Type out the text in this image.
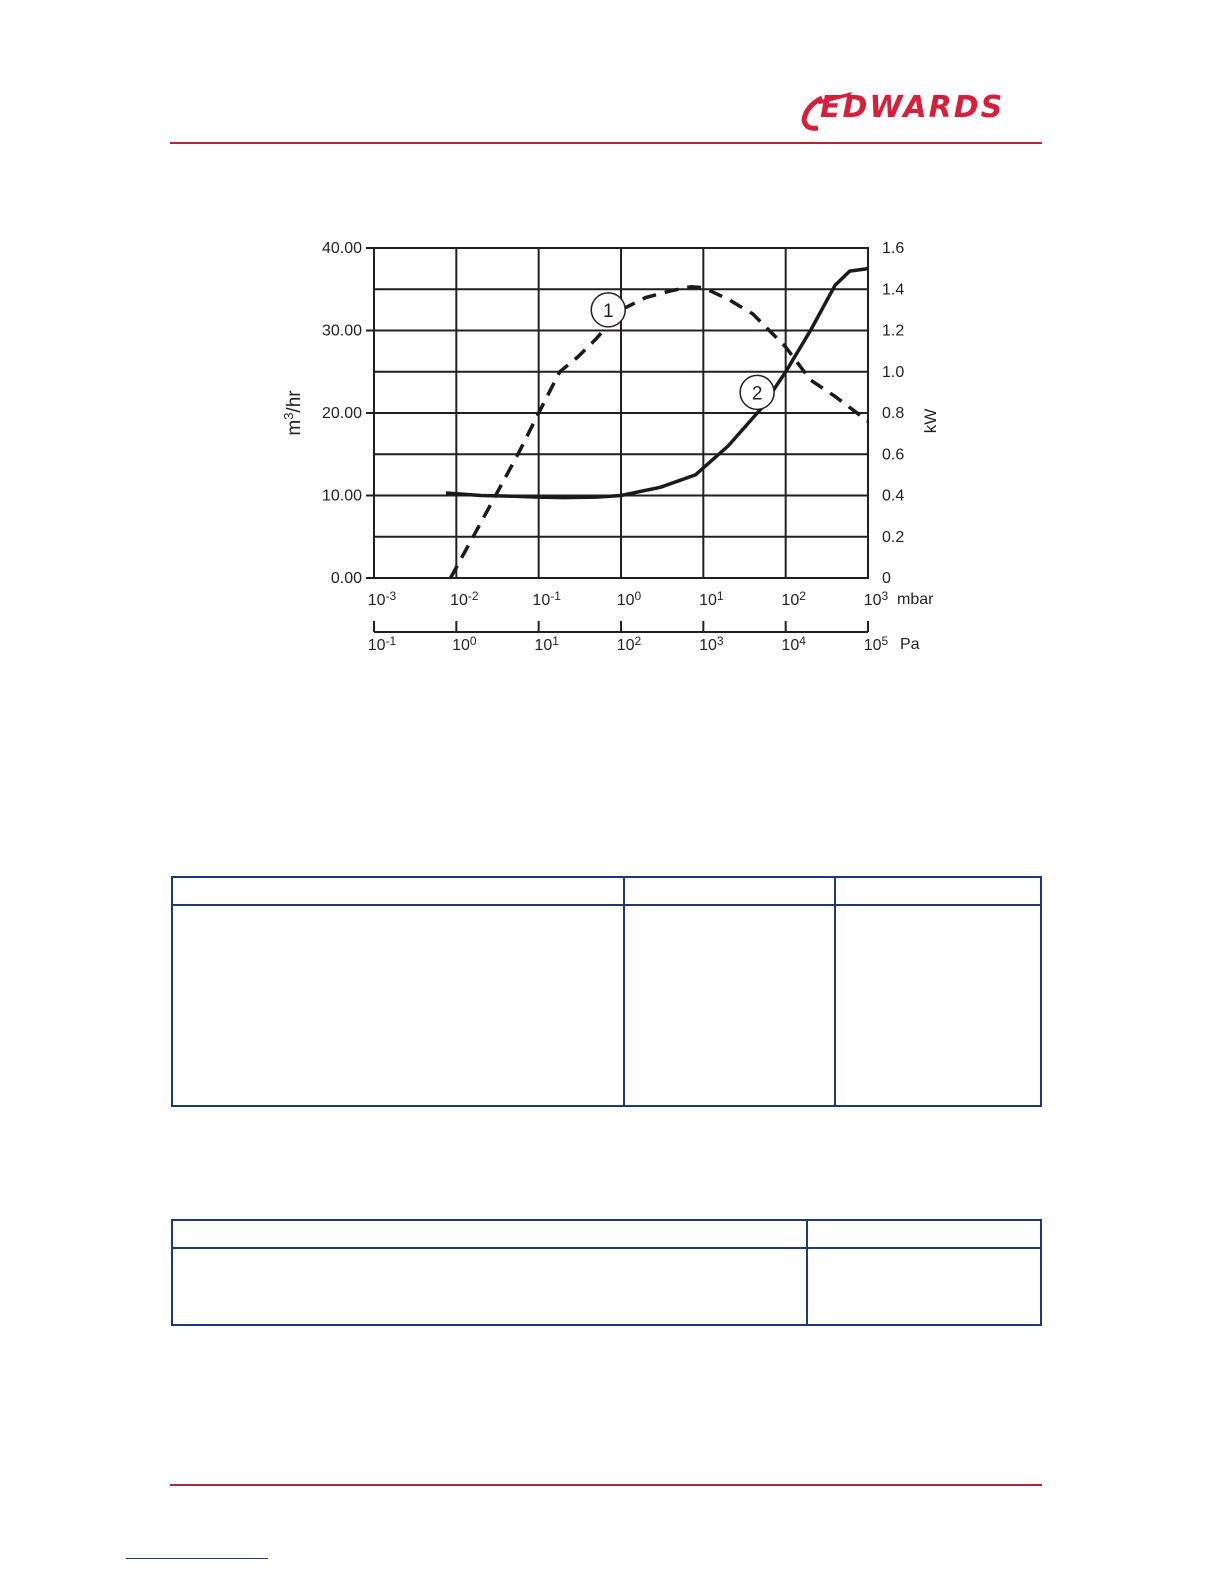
EDWARDS
0.00
10.00
20.00
30.00
40.00
0
0.2
0.4
0.6
0.8
1.0
1.2
1.4
1.6
$m^3/hr$
kW
$10^{-3}$	$10^{-2}$	$10^{-1}$	$10^0$	$10^1$	$10^2$	$10^3$ mbar
$10^{-1}$	$10^0$	$10^1$	$10^2$	$10^3$	$10^4$	$10^5$ Pa
1
2
